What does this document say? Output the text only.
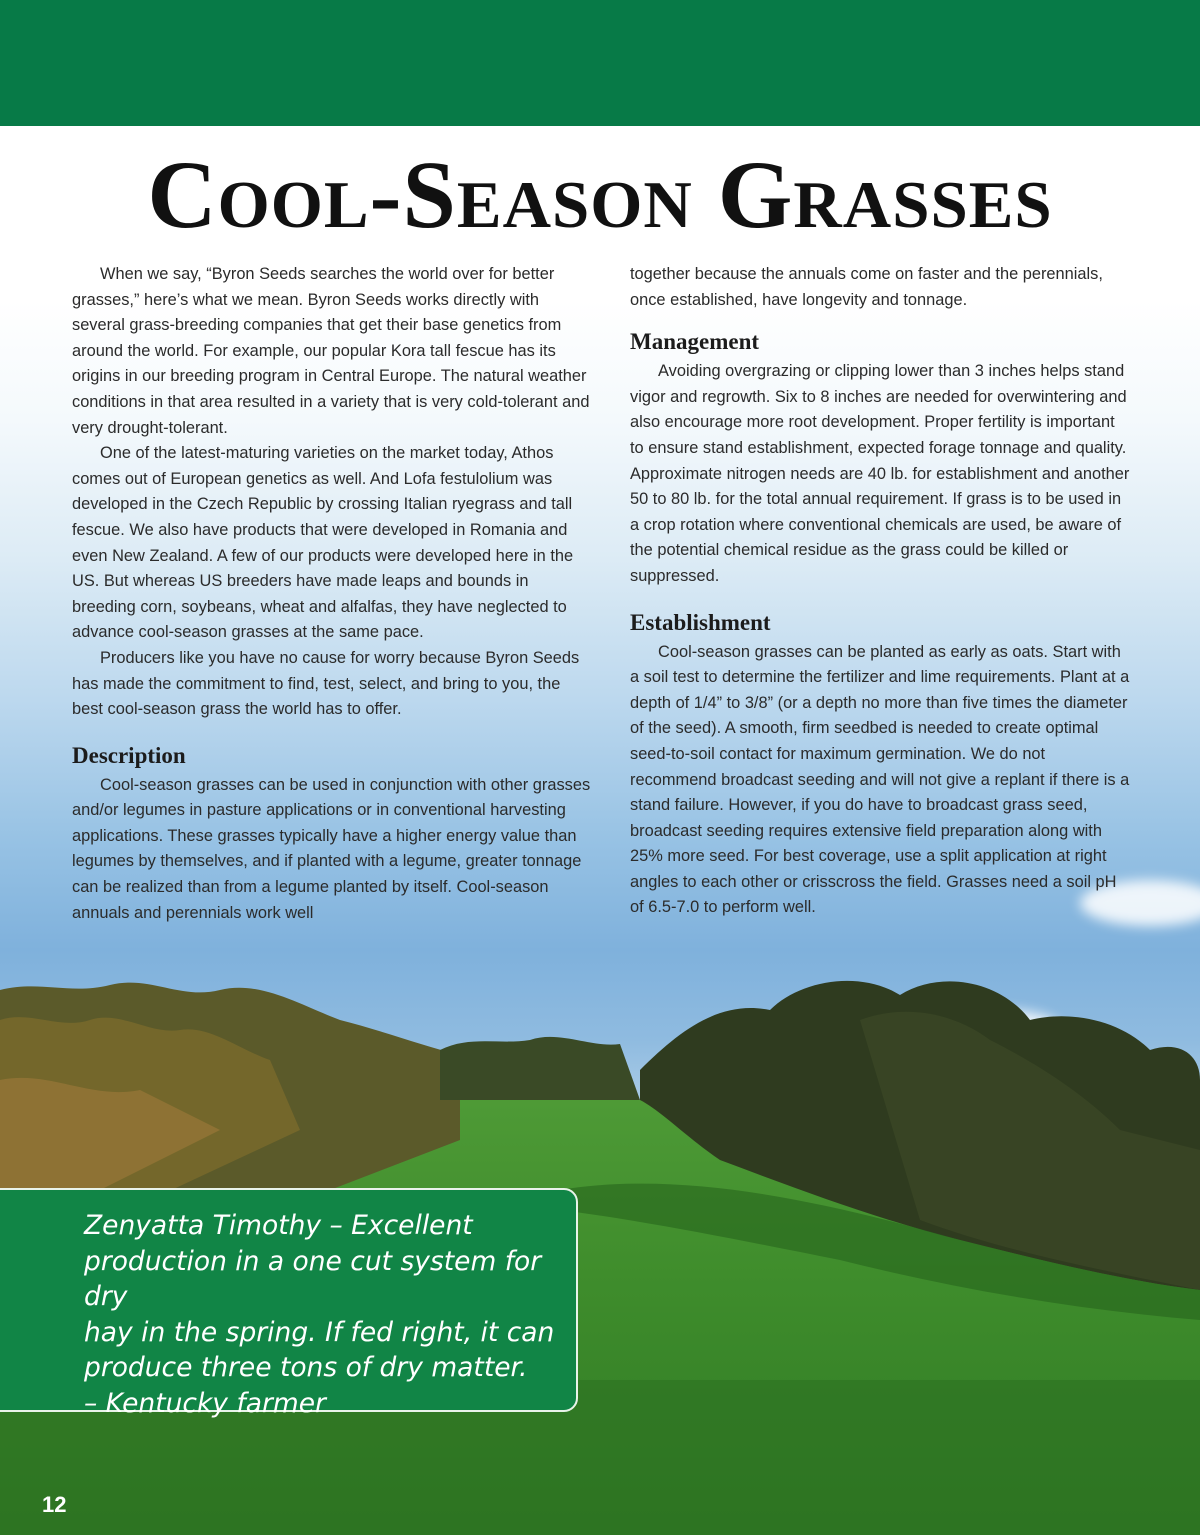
Cool-Season Grasses

When we say, “Byron Seeds searches the world over for better grasses,” here’s what we mean. Byron Seeds works directly with several grass-breeding companies that get their base genetics from around the world. For example, our popular Kora tall fescue has its origins in our breeding program in Central Europe. The natural weather conditions in that area resulted in a variety that is very cold-tolerant and very drought-tolerant.

One of the latest-maturing varieties on the market today, Athos comes out of European genetics as well. And Lofa festulolium was developed in the Czech Republic by crossing Italian ryegrass and tall fescue. We also have products that were developed in Romania and even New Zealand. A few of our products were developed here in the US. But whereas US breeders have made leaps and bounds in breeding corn, soybeans, wheat and alfalfas, they have neglected to advance cool-season grasses at the same pace.

Producers like you have no cause for worry because Byron Seeds has made the commitment to find, test, select, and bring to you, the best cool-season grass the world has to offer.

Description

Cool-season grasses can be used in conjunction with other grasses and/or legumes in pasture applications or in conventional harvesting applications. These grasses typically have a higher energy value than legumes by themselves, and if planted with a legume, greater tonnage can be realized than from a legume planted by itself. Cool-season annuals and perennials work well

together because the annuals come on faster and the perennials, once established, have longevity and tonnage.

Management

Avoiding overgrazing or clipping lower than 3 inches helps stand vigor and regrowth. Six to 8 inches are needed for overwintering and also encourage more root development. Proper fertility is important to ensure stand establishment, expected forage tonnage and quality. Approximate nitrogen needs are 40 lb. for establishment and another 50 to 80 lb. for the total annual requirement. If grass is to be used in a crop rotation where conventional chemicals are used, be aware of the potential chemical residue as the grass could be killed or suppressed.

Establishment

Cool-season grasses can be planted as early as oats. Start with a soil test to determine the fertilizer and lime requirements. Plant at a depth of 1/4” to 3/8” (or a depth no more than five times the diameter of the seed). A smooth, firm seedbed is needed to create optimal seed-to-soil contact for maximum germination. We do not recommend broadcast seeding and will not give a replant if there is a stand failure. However, if you do have to broadcast grass seed, broadcast seeding requires extensive field preparation along with 25% more seed. For best coverage, use a split application at right angles to each other or crisscross the field. Grasses need a soil pH of 6.5-7.0 to perform well.

Zenyatta Timothy – Excellent
production in a one cut system for dry
hay in the spring. If fed right, it can
produce three tons of dry matter.
– Kentucky farmer
12
